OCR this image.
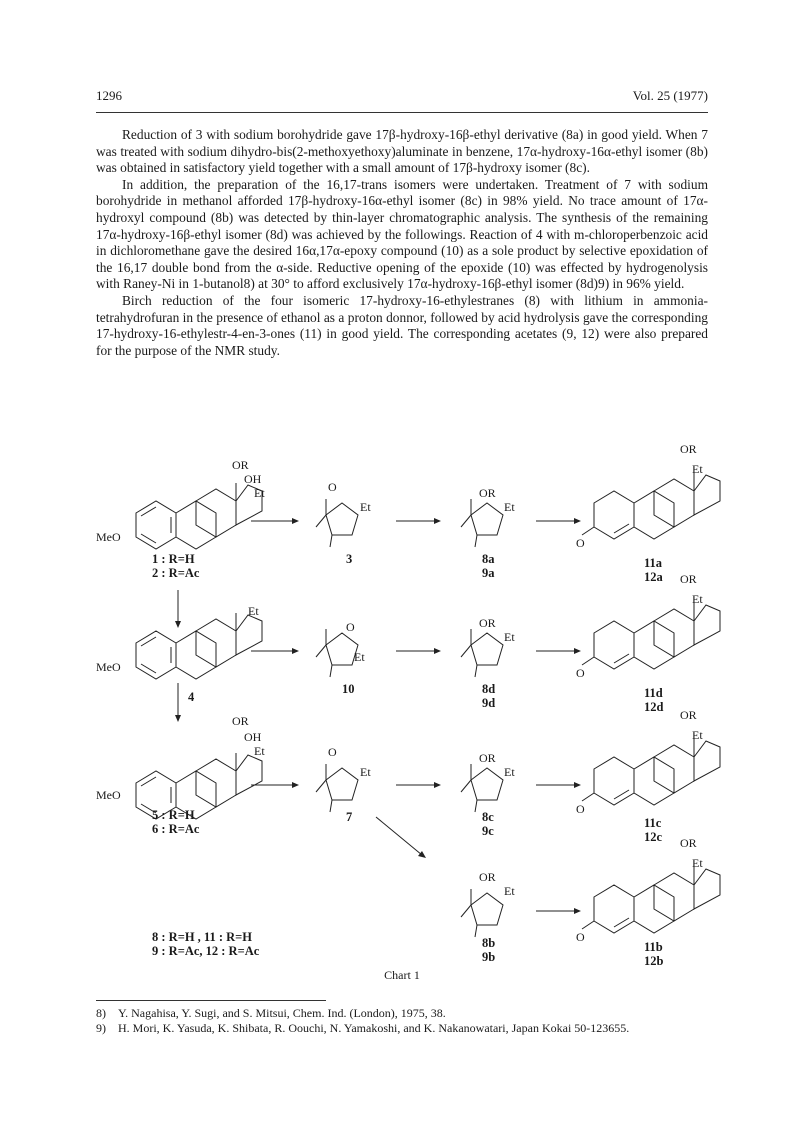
1296	Vol. 25 (1977)

Reduction of 3 with sodium borohydride gave 17β-hydroxy-16β-ethyl derivative (8a) in good yield. When 7 was treated with sodium dihydro-bis(2-methoxyethoxy)aluminate in benzene, 17α-hydroxy-16α-ethyl isomer (8b) was obtained in satisfactory yield together with a small amount of 17β-hydroxy isomer (8c).

In addition, the preparation of the 16,17-trans isomers were undertaken. Treatment of 7 with sodium borohydride in methanol afforded 17β-hydroxy-16α-ethyl isomer (8c) in 98% yield. No trace amount of 17α-hydroxyl compound (8b) was detected by thin-layer chromatographic analysis. The synthesis of the remaining 17α-hydroxy-16β-ethyl isomer (8d) was achieved by the followings. Reaction of 4 with m-chloroperbenzoic acid in dichloromethane gave the desired 16α,17α-epoxy compound (10) as a sole product by selective epoxidation of the 16,17 double bond from the α-side. Reductive opening of the epoxide (10) was effected by hydrogenolysis with Raney-Ni in 1-butanol8) at 30° to afford exclusively 17α-hydroxy-16β-ethyl isomer (8d)9) in 96% yield.

Birch reduction of the four isomeric 17-hydroxy-16-ethylestranes (8) with lithium in ammonia-tetrahydrofuran in the presence of ethanol as a proton donnor, followed by acid hydrolysis gave the corresponding 17-hydroxy-16-ethylestr-4-en-3-ones (11) in good yield. The corresponding acetates (9, 12) were also prepared for the purpose of the NMR study.

OR
OH
Et
MeO
1 : R=H
2 : R=Ac
O
Et
3
OR
Et
8a
9a
OR
Et
O
11a
12a
Et
MeO
4
O
Et
10
OR
Et
8d
9d
OR
Et
O
11d
12d
OR
OH
Et
MeO
5 : R=H
6 : R=Ac
O
Et
7
OR
Et
8c
9c
OR
Et
O
11c
12c
OR
Et
8b
9b
OR
Et
O
11b
12b
8 : R=H , 11 : R=H
9 : R=Ac, 12 : R=Ac
Chart 1
8) Y. Nagahisa, Y. Sugi, and S. Mitsui, Chem. Ind. (London), 1975, 38.
9) H. Mori, K. Yasuda, K. Shibata, R. Oouchi, N. Yamakoshi, and K. Nakanowatari, Japan Kokai 50-123655.
